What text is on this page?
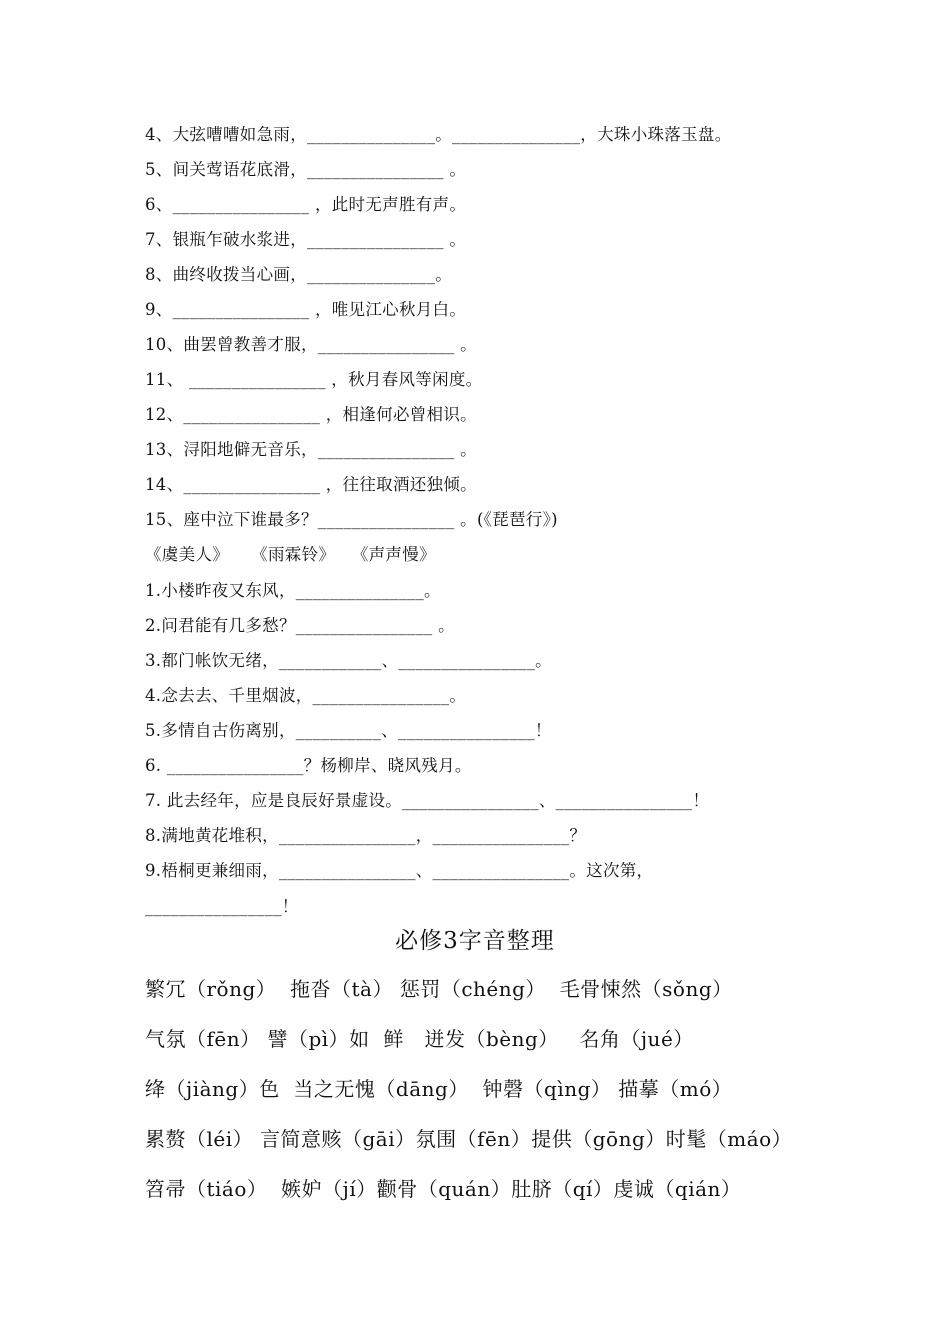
4、大弦嘈嘈如急雨，_______________。_______________，大珠小珠落玉盘。
5、间关莺语花底滑，________________ 。
6、________________ ，此时无声胜有声。
7、银瓶乍破水浆进，________________ 。
8、曲终收拨当心画，_______________。
9、________________ ，唯见江心秋月白。
10、曲罢曾教善才服，________________ 。
11、 ________________ ，秋月春风等闲度。
12、________________ ，相逢何必曾相识。
13、浔阳地僻无音乐，________________ 。
14、________________ ，往往取酒还独倾。
15、座中泣下谁最多？________________ 。(《琵琶行》)
《虞美人》    《雨霖铃》   《声声慢》
1.小楼昨夜又东风，_______________。
2.问君能有几多愁？________________ 。
3.都门帐饮无绪，____________、________________。
4.念去去、千里烟波，________________。
5.多情自古伤离别，__________、________________！
6. ________________？杨柳岸、晓风残月。
7. 此去经年，应是良辰好景虚设。________________、________________！
8.满地黄花堆积，________________，________________？
9.梧桐更兼细雨，________________、________________。这次第，
________________！
必修3字音整理
繁冗（rǒng）  拖沓（tà） 惩罚（chéng）  毛骨悚然（sǒng）
气氛（fēn） 譬（pì）如  鲜   迸发（bèng）   名角（jué）
绛（jiàng）色  当之无愧（dāng）  钟磬（qìng） 描摹（mó）
累赘（léi） 言简意赅（gāi）氛围（fēn）提供（gōng）时髦（máo）
笤帚（tiáo）  嫉妒（jí）颧骨（quán）肚脐（qí）虔诚（qián）
